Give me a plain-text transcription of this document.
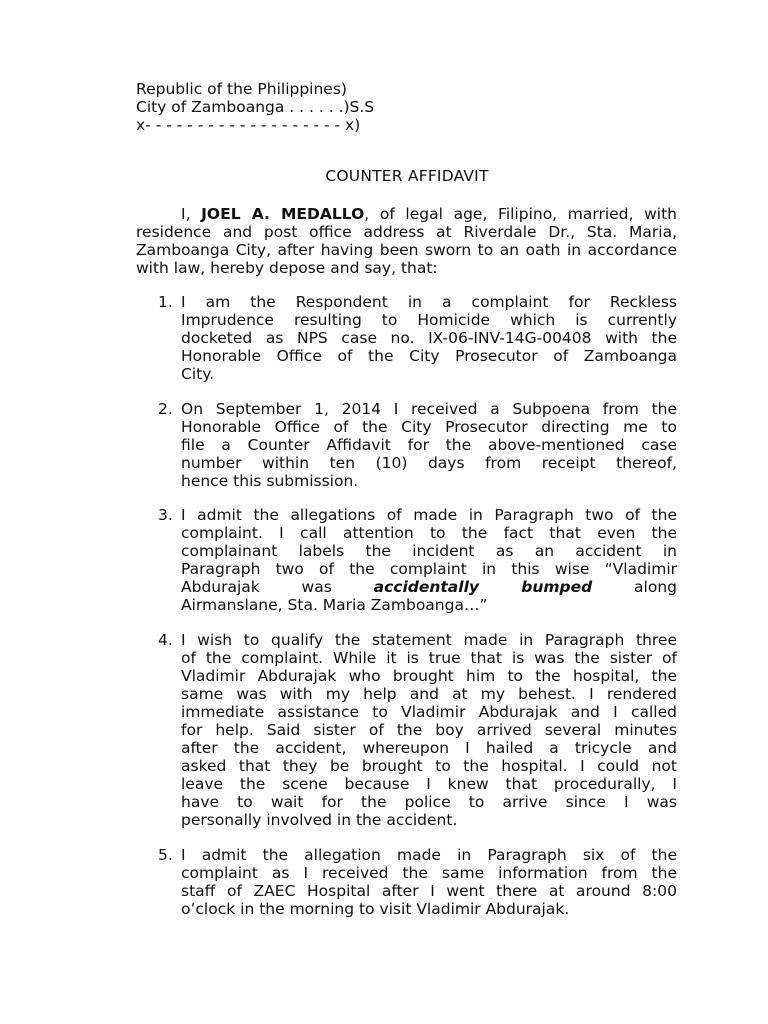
Republic of the Philippines)
City of Zamboanga . . . . . .)S.S
x- - - - - - - - - - - - - - - - - - - x)
COUNTER AFFIDAVIT
I, JOEL A. MEDALLO, of legal age, Filipino, married, with residence and post office address at Riverdale Dr., Sta. Maria, Zamboanga City, after having been sworn to an oath in accordance with law, hereby depose and say, that:
1. I am the Respondent in a complaint for Reckless
Imprudence resulting to Homicide which is currently
docketed as NPS case no. IX-06-INV-14G-00408 with the
Honorable Office of the City Prosecutor of Zamboanga
City.
2. On September 1, 2014 I received a Subpoena from the
Honorable Office of the City Prosecutor directing me to
file a Counter Affidavit for the above-mentioned case
number within ten (10) days from receipt thereof,
hence this submission.
3. I admit the allegations of made in Paragraph two of the
complaint. I call attention to the fact that even the
complainant labels the incident as an accident in
Paragraph two of the complaint in this wise “Vladimir
Abdurajak was	accidentally bumped	along
Airmanslane, Sta. Maria Zamboanga…”
4. I wish to qualify the statement made in Paragraph three
of the complaint. While it is true that is was the sister of
Vladimir Abdurajak who brought him to the hospital, the
same was with my help and at my behest. I rendered
immediate assistance to Vladimir Abdurajak and I called
for help. Said sister of the boy arrived several minutes
after the accident, whereupon I hailed a tricycle and
asked that they be brought to the hospital. I could not
leave the scene because I knew that procedurally, I
have to wait for the police to arrive since I was
personally involved in the accident.
5. I admit the allegation made in Paragraph six of the
complaint as I received the same information from the
staff of ZAEC Hospital after I went there at around 8:00
o’clock in the morning to visit Vladimir Abdurajak.
